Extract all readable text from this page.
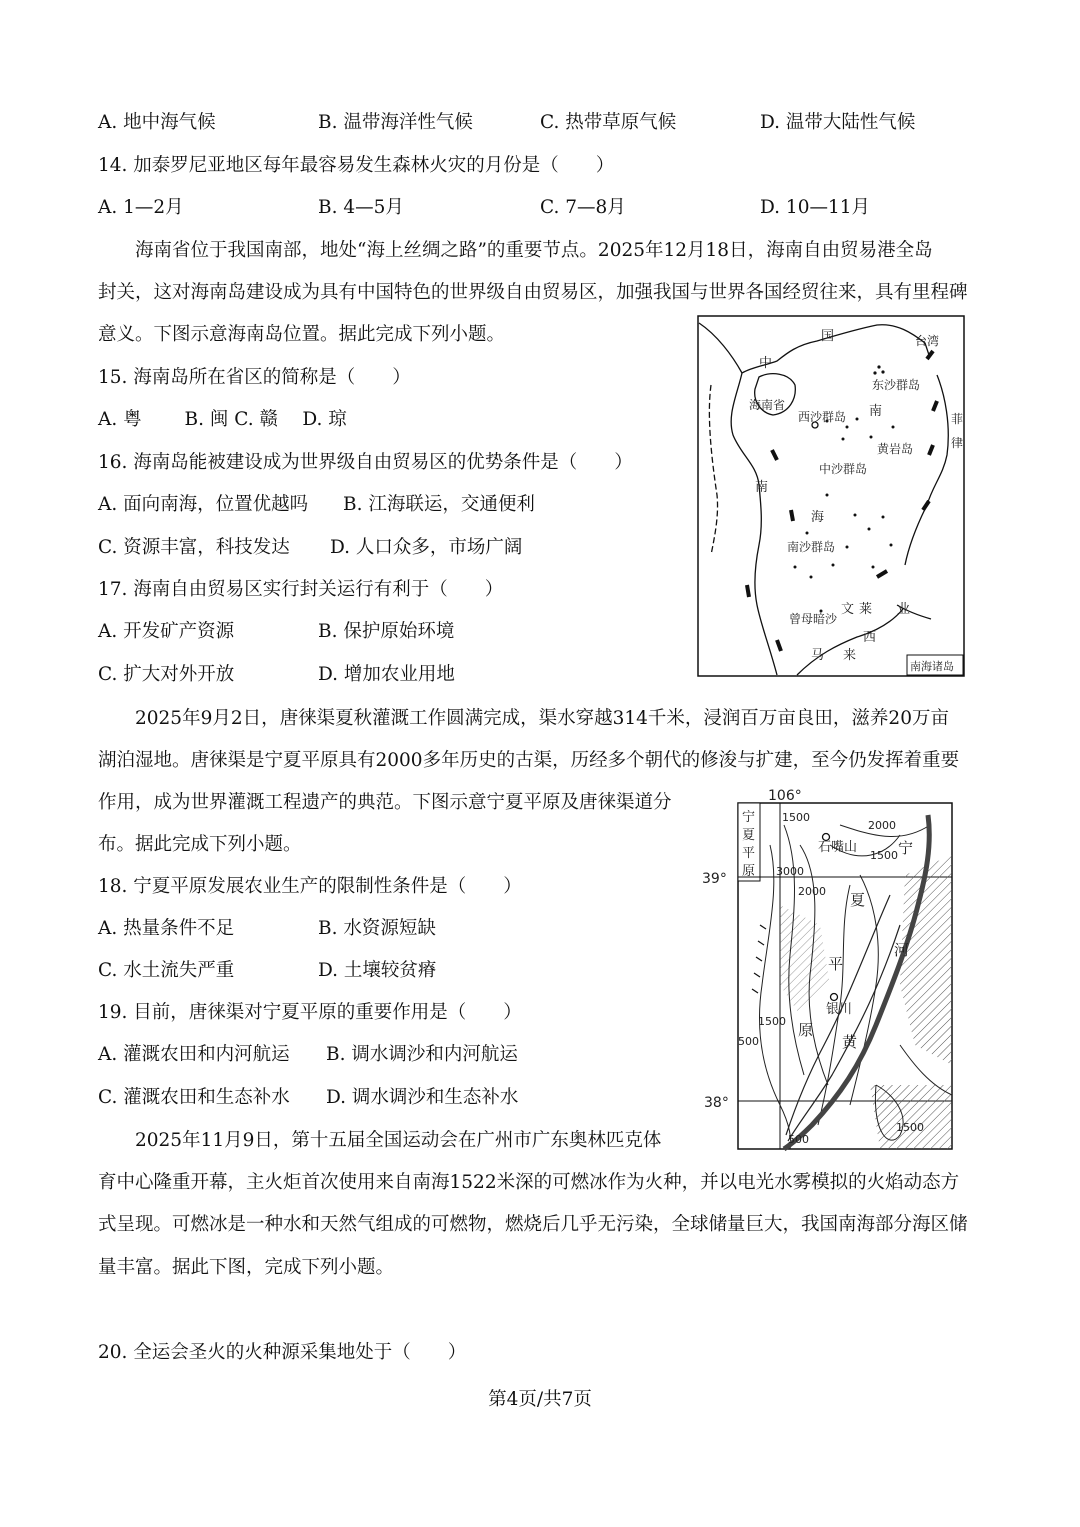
A. 地中海气候	B. 温带海洋性气候	C. 热带草原气候	D. 温带大陆性气候
14. 加泰罗尼亚地区每年最容易发生森林火灾的月份是（　　）
A. 1—2月	B. 4—5月	C. 7—8月	D. 10—11月
海南省位于我国南部，地处“海上丝绸之路”的重要节点。2025年12月18日，海南自由贸易港全岛
封关，这对海南岛建设成为具有中国特色的世界级自由贸易区，加强我国与世界各国经贸往来，具有里程碑
意义。下图示意海南岛位置。据此完成下列小题。
15. 海南岛所在省区的简称是（　　）
A. 粤　　 B. 闽 C. 赣　 D. 琼
16. 海南岛能被建设成为世界级自由贸易区的优势条件是（　　）
A. 面向南海，位置优越吗 B. 江海联运，交通便利
C. 资源丰富，科技发达 D. 人口众多，市场广阔
17. 海南自由贸易区实行封关运行有利于（　　）
A. 开发矿产资源	B. 保护原始环境
C. 扩大对外开放	D. 增加农业用地
中
国	台湾
东沙群岛
海南省
西沙群岛 南	菲
律
黄岩岛
中沙群岛
南
海
南沙群岛
曾母暗沙
文 莱 业
西
马 来
南海诸岛
2025年9月2日，唐徕渠夏秋灌溉工作圆满完成，渠水穿越314千米，浸润百万亩良田，滋养20万亩
湖泊湿地。唐徕渠是宁夏平原具有2000多年历史的古渠，历经多个朝代的修浚与扩建，至今仍发挥着重要
作用，成为世界灌溉工程遗产的典范。下图示意宁夏平原及唐徕渠道分
布。据此完成下列小题。
18. 宁夏平原发展农业生产的限制性条件是（　　）
A. 热量条件不足	B. 水资源短缺
C. 水土流失严重	D. 土壤较贫瘠
19. 目前，唐徕渠对宁夏平原的重要作用是（　　）
A. 灌溉农田和内河航运 B. 调水调沙和内河航运
C. 灌溉农田和生态补水 D. 调水调沙和生态补水
宁
夏
平
原
106°
39°
38°
1500
2000
1500
3000
2000
1500
500
500
1500
石嘴山	宁
夏
河
平
银川
原
黄
2025年11月9日，第十五届全国运动会在广州市广东奥林匹克体
育中心隆重开幕，主火炬首次使用来自南海1522米深的可燃冰作为火种，并以电光水雾模拟的火焰动态方
式呈现。可燃冰是一种水和天然气组成的可燃物，燃烧后几乎无污染，全球储量巨大，我国南海部分海区储
量丰富。据此下图，完成下列小题。
20. 全运会圣火的火种源采集地处于（　　）
第4页/共7页
